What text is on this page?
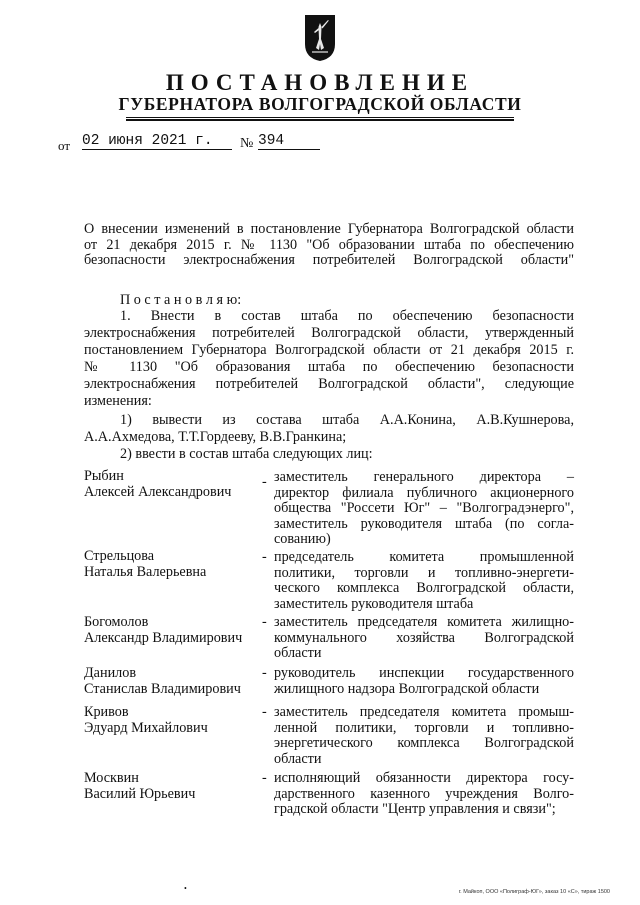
ПОСТАНОВЛЕНИЕ
ГУБЕРНАТОРА ВОЛГОГРАДСКОЙ ОБЛАСТИ
от 02 июня 2021 г.	№ 394
О внесении изменений в постановление Губернатора Волгоградской области
от 21 декабря 2015 г. № 1130 "Об образовании штаба по обеспечению
безопасности электроснабжения потребителей Волгоградской области"
П о с т а н о в л я ю:
1. Внести в состав штаба по обеспечению безопасности
электроснабжения потребителей Волгоградской области, утвержденный
постановлением Губернатора Волгоградской области от 21 декабря 2015 г.
№ 1130 "Об образования штаба по обеспечению безопасности
электроснабжения потребителей Волгоградской области", следующие
изменения:
1) вывести из состава штаба А.А.Конина, А.В.Кушнерова,
А.А.Ахмедова, Т.Т.Гордееву, В.В.Гранкина;
2) ввести в состав штаба следующих лиц:
Рыбин
Алексей Александрович
- заместитель генерального директора –
директор филиала публичного акционерного
общества "Россети Юг" – "Волгоградэнерго",
заместитель руководителя штаба (по согла-
сованию)
Стрельцова
Наталья Валерьевна
- председатель комитета промышленной
политики, торговли и топливно-энергети-
ческого комплекса Волгоградской области,
заместитель руководителя штаба
Богомолов
Александр Владимирович
- заместитель председателя комитета жилищно-
коммунального хозяйства Волгоградской
области
Данилов
Станислав Владимирович
- руководитель инспекции государственного
жилищного надзора Волгоградской области
Кривов
Эдуард Михайлович
- заместитель председателя комитета промыш-
ленной политики, торговли и топливно-
энергетического комплекса Волгоградской
области
Москвин
Василий Юрьевич
- исполняющий обязанности директора госу-
дарственного казенного учреждения Волго-
градской области "Центр управления и связи";
•	г. Майкоп, ООО «Полиграф-ЮГ», заказ 10 «С», тираж 1500
